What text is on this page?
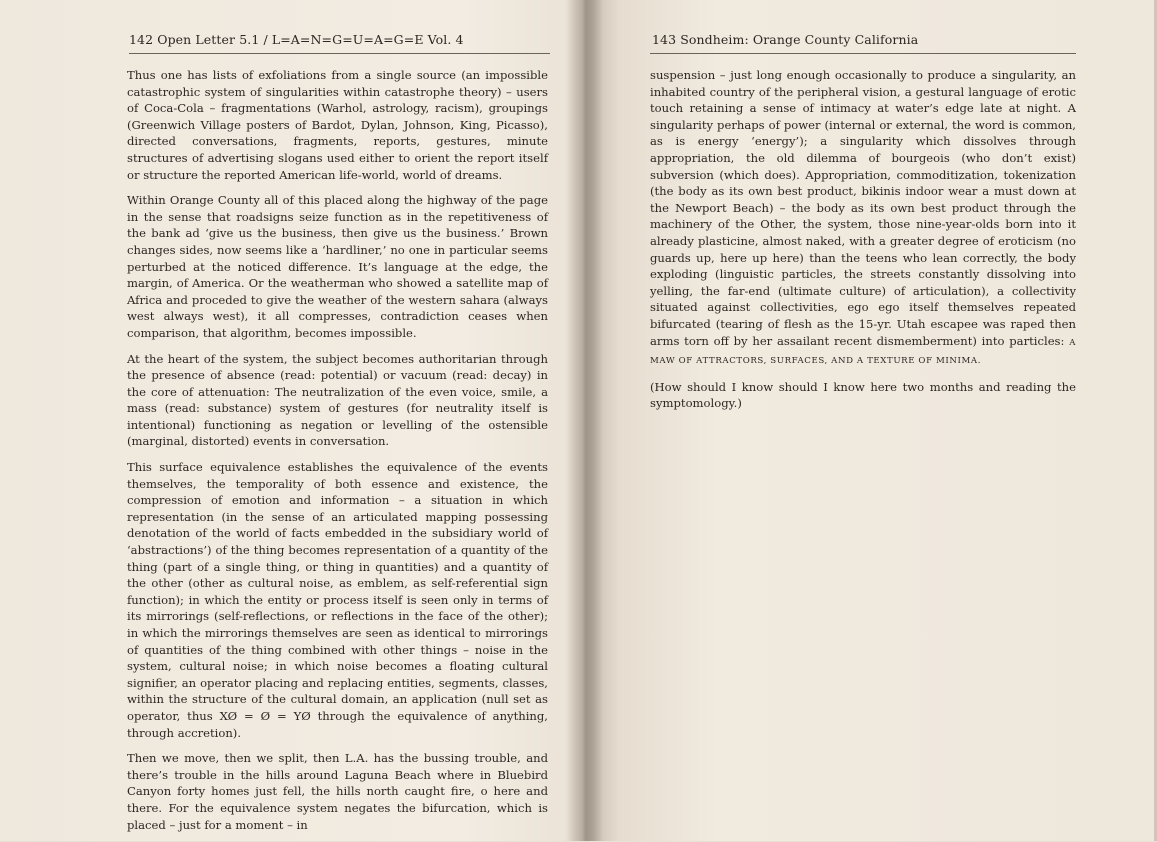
142 Open Letter 5.1 / L=A=N=G=U=A=G=E Vol. 4

Thus one has lists of exfoliations from a single source (an impossible catastrophic system of singularities within catastrophe theory) – users of Coca-Cola – fragmentations (Warhol, astrology, racism), groupings (Greenwich Village posters of Bardot, Dylan, Johnson, King, Picasso), directed conversations, fragments, reports, gestures, minute structures of advertising slogans used either to orient the report itself or structure the reported American life-world, world of dreams.

Within Orange County all of this placed along the highway of the page in the sense that roadsigns seize function as in the repetitiveness of the bank ad ‘give us the business, then give us the business.’ Brown changes sides, now seems like a ‘hardliner,’ no one in particular seems perturbed at the noticed difference. It’s language at the edge, the margin, of America. Or the weatherman who showed a satellite map of Africa and proceded to give the weather of the western sahara (always west always west), it all compresses, contradiction ceases when comparison, that algorithm, becomes impossible.

At the heart of the system, the subject becomes authoritarian through the presence of absence (read: potential) or vacuum (read: decay) in the core of attenuation: The neutralization of the even voice, smile, a mass (read: substance) system of gestures (for neutrality itself is intentional) functioning as negation or levelling of the ostensible (marginal, distorted) events in conversation.

This surface equivalence establishes the equivalence of the events themselves, the temporality of both essence and existence, the compression of emotion and information – a situation in which representation (in the sense of an articulated mapping possessing denotation of the world of facts embedded in the subsidiary world of ‘abstractions’) of the thing becomes representation of a quantity of the thing (part of a single thing, or thing in quantities) and a quantity of the other (other as cultural noise, as emblem, as self-referential sign function); in which the entity or process itself is seen only in terms of its mirrorings (self-reflections, or reflections in the face of the other); in which the mirrorings themselves are seen as identical to mirrorings of quantities of the thing combined with other things – noise in the system, cultural noise; in which noise becomes a floating cultural signifier, an operator placing and replacing entities, segments, classes, within the structure of the cultural domain, an application (null set as operator, thus XØ = Ø = YØ through the equivalence of anything, through accretion).

Then we move, then we split, then L.A. has the bussing trouble, and there’s trouble in the hills around Laguna Beach where in Bluebird Canyon forty homes just fell, the hills north caught fire, o here and there. For the equivalence system negates the bifurcation, which is placed – just for a moment – in

143 Sondheim: Orange County California

suspension – just long enough occasionally to produce a singularity, an inhabited country of the peripheral vision, a gestural language of erotic touch retaining a sense of intimacy at water’s edge late at night. A singularity perhaps of power (internal or external, the word is common, as is energy ‘energy’); a singularity which dissolves through appropriation, the old dilemma of bourgeois (who don’t exist) subversion (which does). Appropriation, commoditization, tokenization (the body as its own best product, bikinis indoor wear a must down at the Newport Beach) – the body as its own best product through the machinery of the Other, the system, those nine-year-olds born into it already plasticine, almost naked, with a greater degree of eroticism (no guards up, here up here) than the teens who lean correctly, the body exploding (linguistic particles, the streets constantly dissolving into yelling, the far-end (ultimate culture) of articulation), a collectivity situated against collectivities, ego ego itself themselves repeated bifurcated (tearing of flesh as the 15-yr. Utah escapee was raped then arms torn off by her assailant recent dismemberment) into particles: A MAW OF ATTRACTORS, SURFACES, AND A TEXTURE OF MINIMA.

(How should I know should I know here two months and reading the symptomology.)
